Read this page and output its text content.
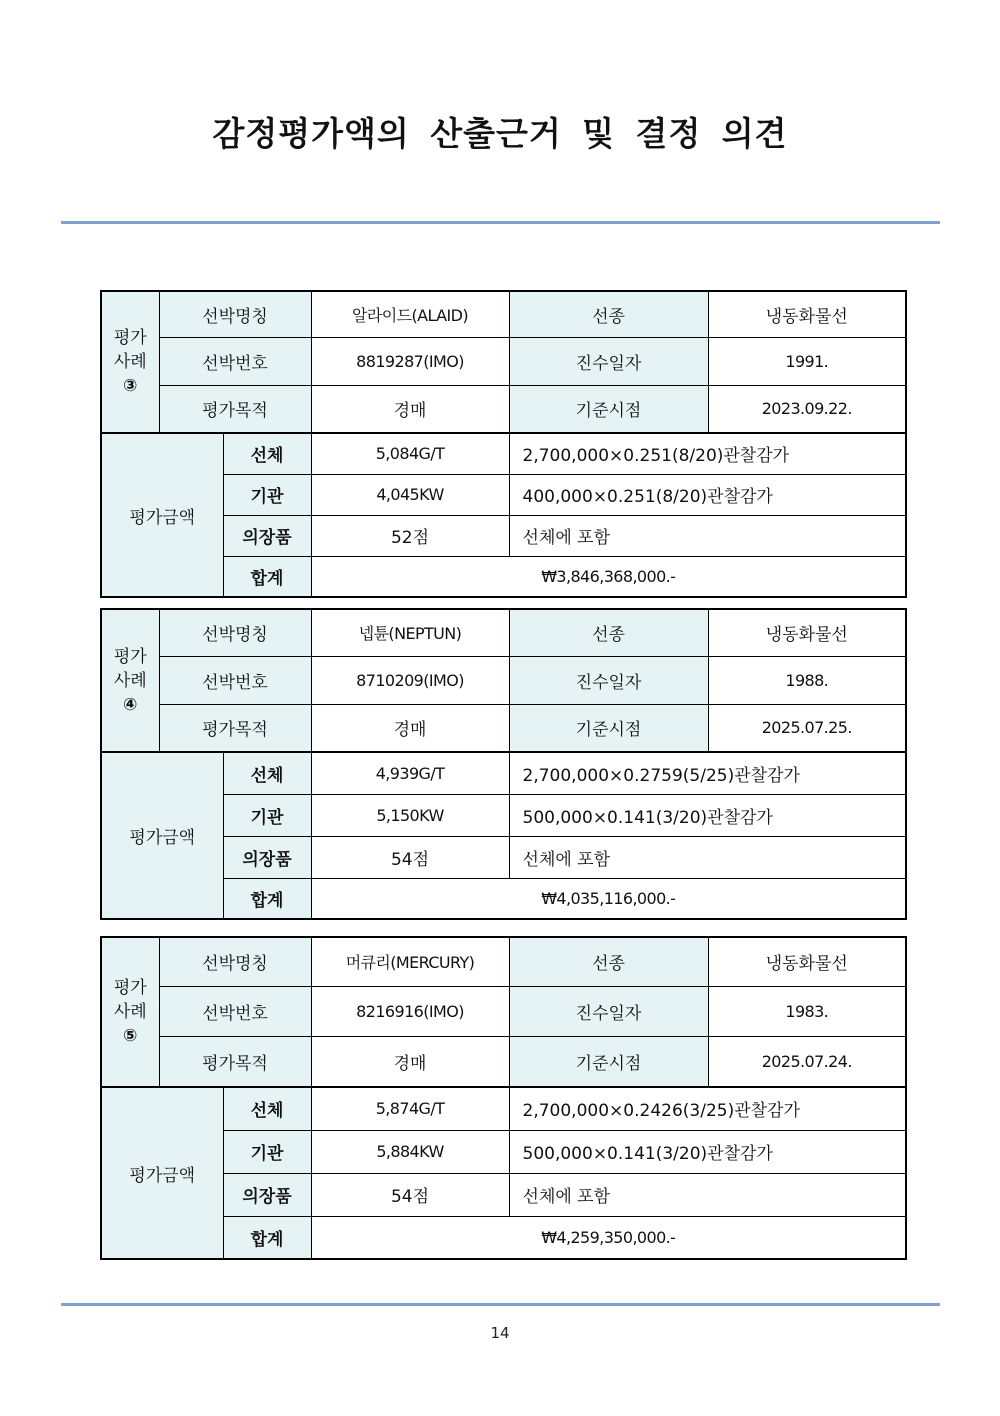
감정평가액의 산출근거 및 결정 의견
평가
사례
③	선박명칭		알라이드(ALAID)	선종	냉동화물선
	선박번호		8819287(IMO)	진수일자	1991.
	평가목적		경매	기준시점	2023.09.22.
평가금액		선체	5,084G/T	2,700,000×0.251(8/20)관찰감가	
		기관	4,045KW	400,000×0.251(8/20)관찰감가	
		의장품	52점	선체에 포함	
		합계	₩3,846,368,000.-		
평가
사례
④	선박명칭		넵튠(NEPTUN)	선종	냉동화물선
	선박번호		8710209(IMO)	진수일자	1988.
	평가목적		경매	기준시점	2025.07.25.
평가금액		선체	4,939G/T	2,700,000×0.2759(5/25)관찰감가	
		기관	5,150KW	500,000×0.141(3/20)관찰감가	
		의장품	54점	선체에 포함	
		합계	₩4,035,116,000.-		
평가
사례
⑤	선박명칭		머큐리(MERCURY)	선종	냉동화물선
	선박번호		8216916(IMO)	진수일자	1983.
	평가목적		경매	기준시점	2025.07.24.
평가금액		선체	5,874G/T	2,700,000×0.2426(3/25)관찰감가	
		기관	5,884KW	500,000×0.141(3/20)관찰감가	
		의장품	54점	선체에 포함	
		합계	₩4,259,350,000.-		
14
